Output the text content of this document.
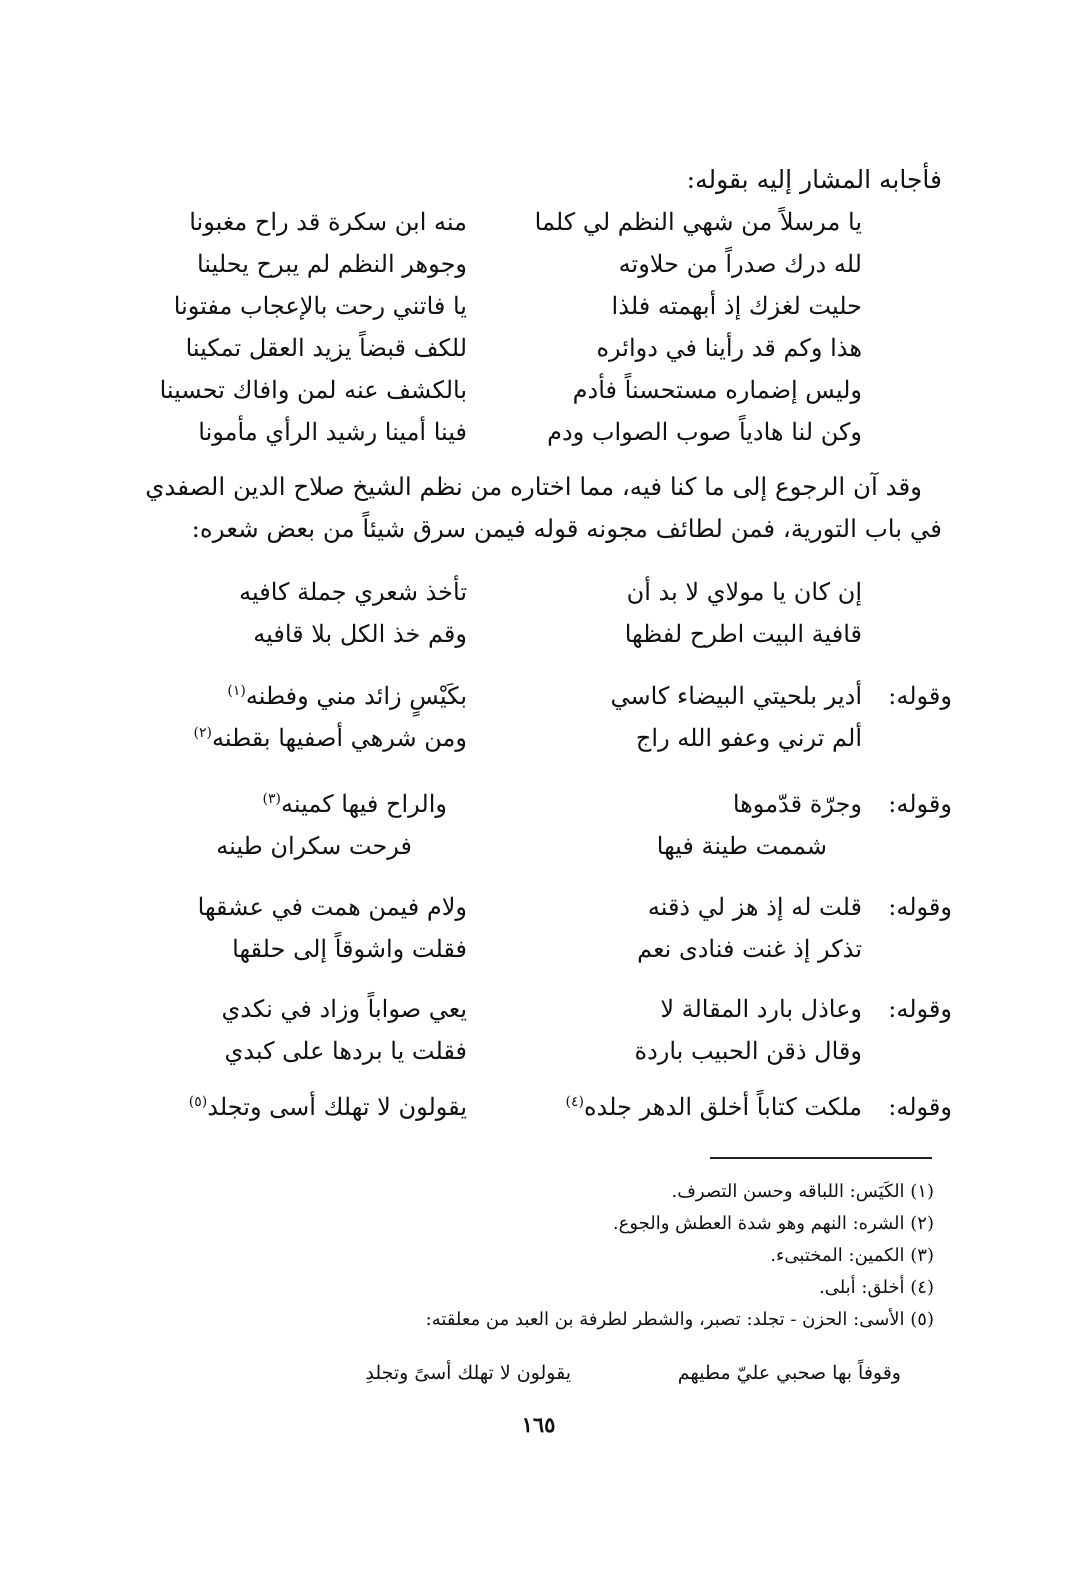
فأجابه المشار إليه بقوله:
يا مرسلاً من شهي النظم لي كلما
منه ابن سكرة قد راح مغبونا
لله درك صدراً من حلاوته
وجوهر النظم لم يبرح يحلينا
حليت لغزك إذ أبهمته فلذا
يا فاتني رحت بالإعجاب مفتونا
هذا وكم قد رأينا في دوائره
للكف قبضاً يزيد العقل تمكينا
وليس إضماره مستحسناً فأدم
بالكشف عنه لمن وافاك تحسينا
وكن لنا هادياً صوب الصواب ودم
فينا أمينا رشيد الرأي مأمونا
وقد آن الرجوع إلى ما كنا فيه، مما اختاره من نظم الشيخ صلاح الدين الصفدي
في باب التورية، فمن لطائف مجونه قوله فيمن سرق شيئاً من بعض شعره:
إن كان يا مولاي لا بد أن
تأخذ شعري جملة كافيه
قافية البيت اطرح لفظها
وقم خذ الكل بلا قافيه
وقوله:
أدير بلحيتي البيضاء كاسي
بكَيْسٍ زائد مني وفطنه$^{(١)}$
ألم ترني وعفو الله راج
ومن شرهي أصفيها بقطنه$^{(٢)}$
وقوله:
وجرّة قدّموها
والراح فيها كمينه$^{(٣)}$
شممت طينة فيها
فرحت سكران طينه
وقوله:
قلت له إذ هز لي ذقنه
ولام فيمن همت في عشقها
تذكر إذ غنت فنادى نعم
فقلت واشوقاً إلى حلقها
وقوله:
وعاذل بارد المقالة لا
يعي صواباً وزاد في نكدي
وقال ذقن الحبيب باردة
فقلت يا بردها على كبدي
وقوله:
ملكت كتاباً أخلق الدهر جلده$^{(٤)}$
يقولون لا تهلك أسى وتجلد$^{(٥)}$
(١) الكَيَس: اللباقه وحسن التصرف.
(٢) الشره: النهم وهو شدة العطش والجوع.
(٣) الكمين: المختبىء.
(٤) أخلق: أبلى.
(٥) الأسى: الحزن - تجلد: تصبر، والشطر لطرفة بن العبد من معلقته:
وقوفاً بها صحبي عليّ مطيهم
يقولون لا تهلك أسىً وتجلدِ
١٦٥
